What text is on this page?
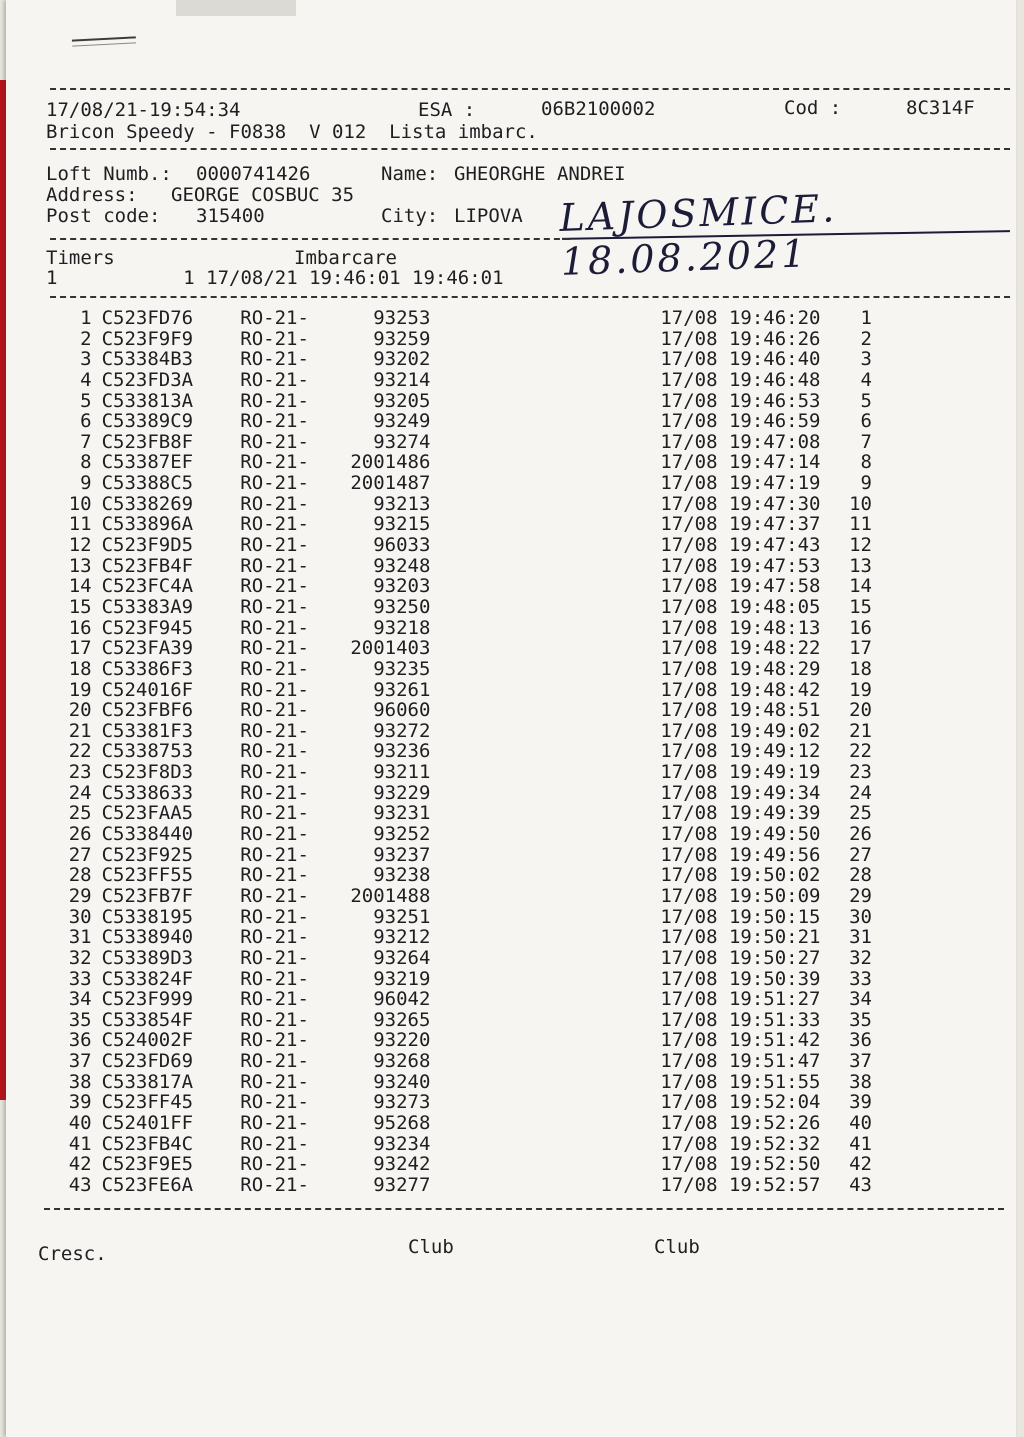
17/08/21-19:54:34	ESA :	06B2100002	Cod :	8C314F
Bricon Speedy - F0838  V 012  Lista imbarc.
Loft Numb.: 0000741426	Name: GHEORGHE ANDREI
Address: GEORGE COSBUC 35
Post code: 315400	City: LIPOVA LAJOSMICE. 18.08.2021
Timers	Imbarcare
1           1 17/08/21 19:46:01 19:46:01
1 C523FD76	RO-21-	93253	17/08 19:46:20	1
2 C523F9F9	RO-21-	93259	17/08 19:46:26	2
3 C53384B3	RO-21-	93202	17/08 19:46:40	3
4 C523FD3A	RO-21-	93214	17/08 19:46:48	4
5 C533813A	RO-21-	93205	17/08 19:46:53	5
6 C53389C9	RO-21-	93249	17/08 19:46:59	6
7 C523FB8F	RO-21-	93274	17/08 19:47:08	7
8 C53387EF	RO-21-	2001486	17/08 19:47:14	8
9 C53388C5	RO-21-	2001487	17/08 19:47:19	9
10 C5338269	RO-21-	93213	17/08 19:47:30	10
11 C533896A	RO-21-	93215	17/08 19:47:37	11
12 C523F9D5	RO-21-	96033	17/08 19:47:43	12
13 C523FB4F	RO-21-	93248	17/08 19:47:53	13
14 C523FC4A	RO-21-	93203	17/08 19:47:58	14
15 C53383A9	RO-21-	93250	17/08 19:48:05	15
16 C523F945	RO-21-	93218	17/08 19:48:13	16
17 C523FA39	RO-21-	2001403	17/08 19:48:22	17
18 C53386F3	RO-21-	93235	17/08 19:48:29	18
19 C524016F	RO-21-	93261	17/08 19:48:42	19
20 C523FBF6	RO-21-	96060	17/08 19:48:51	20
21 C53381F3	RO-21-	93272	17/08 19:49:02	21
22 C5338753	RO-21-	93236	17/08 19:49:12	22
23 C523F8D3	RO-21-	93211	17/08 19:49:19	23
24 C5338633	RO-21-	93229	17/08 19:49:34	24
25 C523FAA5	RO-21-	93231	17/08 19:49:39	25
26 C5338440	RO-21-	93252	17/08 19:49:50	26
27 C523F925	RO-21-	93237	17/08 19:49:56	27
28 C523FF55	RO-21-	93238	17/08 19:50:02	28
29 C523FB7F	RO-21-	2001488	17/08 19:50:09	29
30 C5338195	RO-21-	93251	17/08 19:50:15	30
31 C5338940	RO-21-	93212	17/08 19:50:21	31
32 C53389D3	RO-21-	93264	17/08 19:50:27	32
33 C533824F	RO-21-	93219	17/08 19:50:39	33
34 C523F999	RO-21-	96042	17/08 19:51:27	34
35 C533854F	RO-21-	93265	17/08 19:51:33	35
36 C524002F	RO-21-	93220	17/08 19:51:42	36
37 C523FD69	RO-21-	93268	17/08 19:51:47	37
38 C533817A	RO-21-	93240	17/08 19:51:55	38
39 C523FF45	RO-21-	93273	17/08 19:52:04	39
40 C52401FF	RO-21-	95268	17/08 19:52:26	40
41 C523FB4C	RO-21-	93234	17/08 19:52:32	41
42 C523F9E5	RO-21-	93242	17/08 19:52:50	42
43 C523FE6A	RO-21-	93277	17/08 19:52:57	43
Cresc.	Club	Club
